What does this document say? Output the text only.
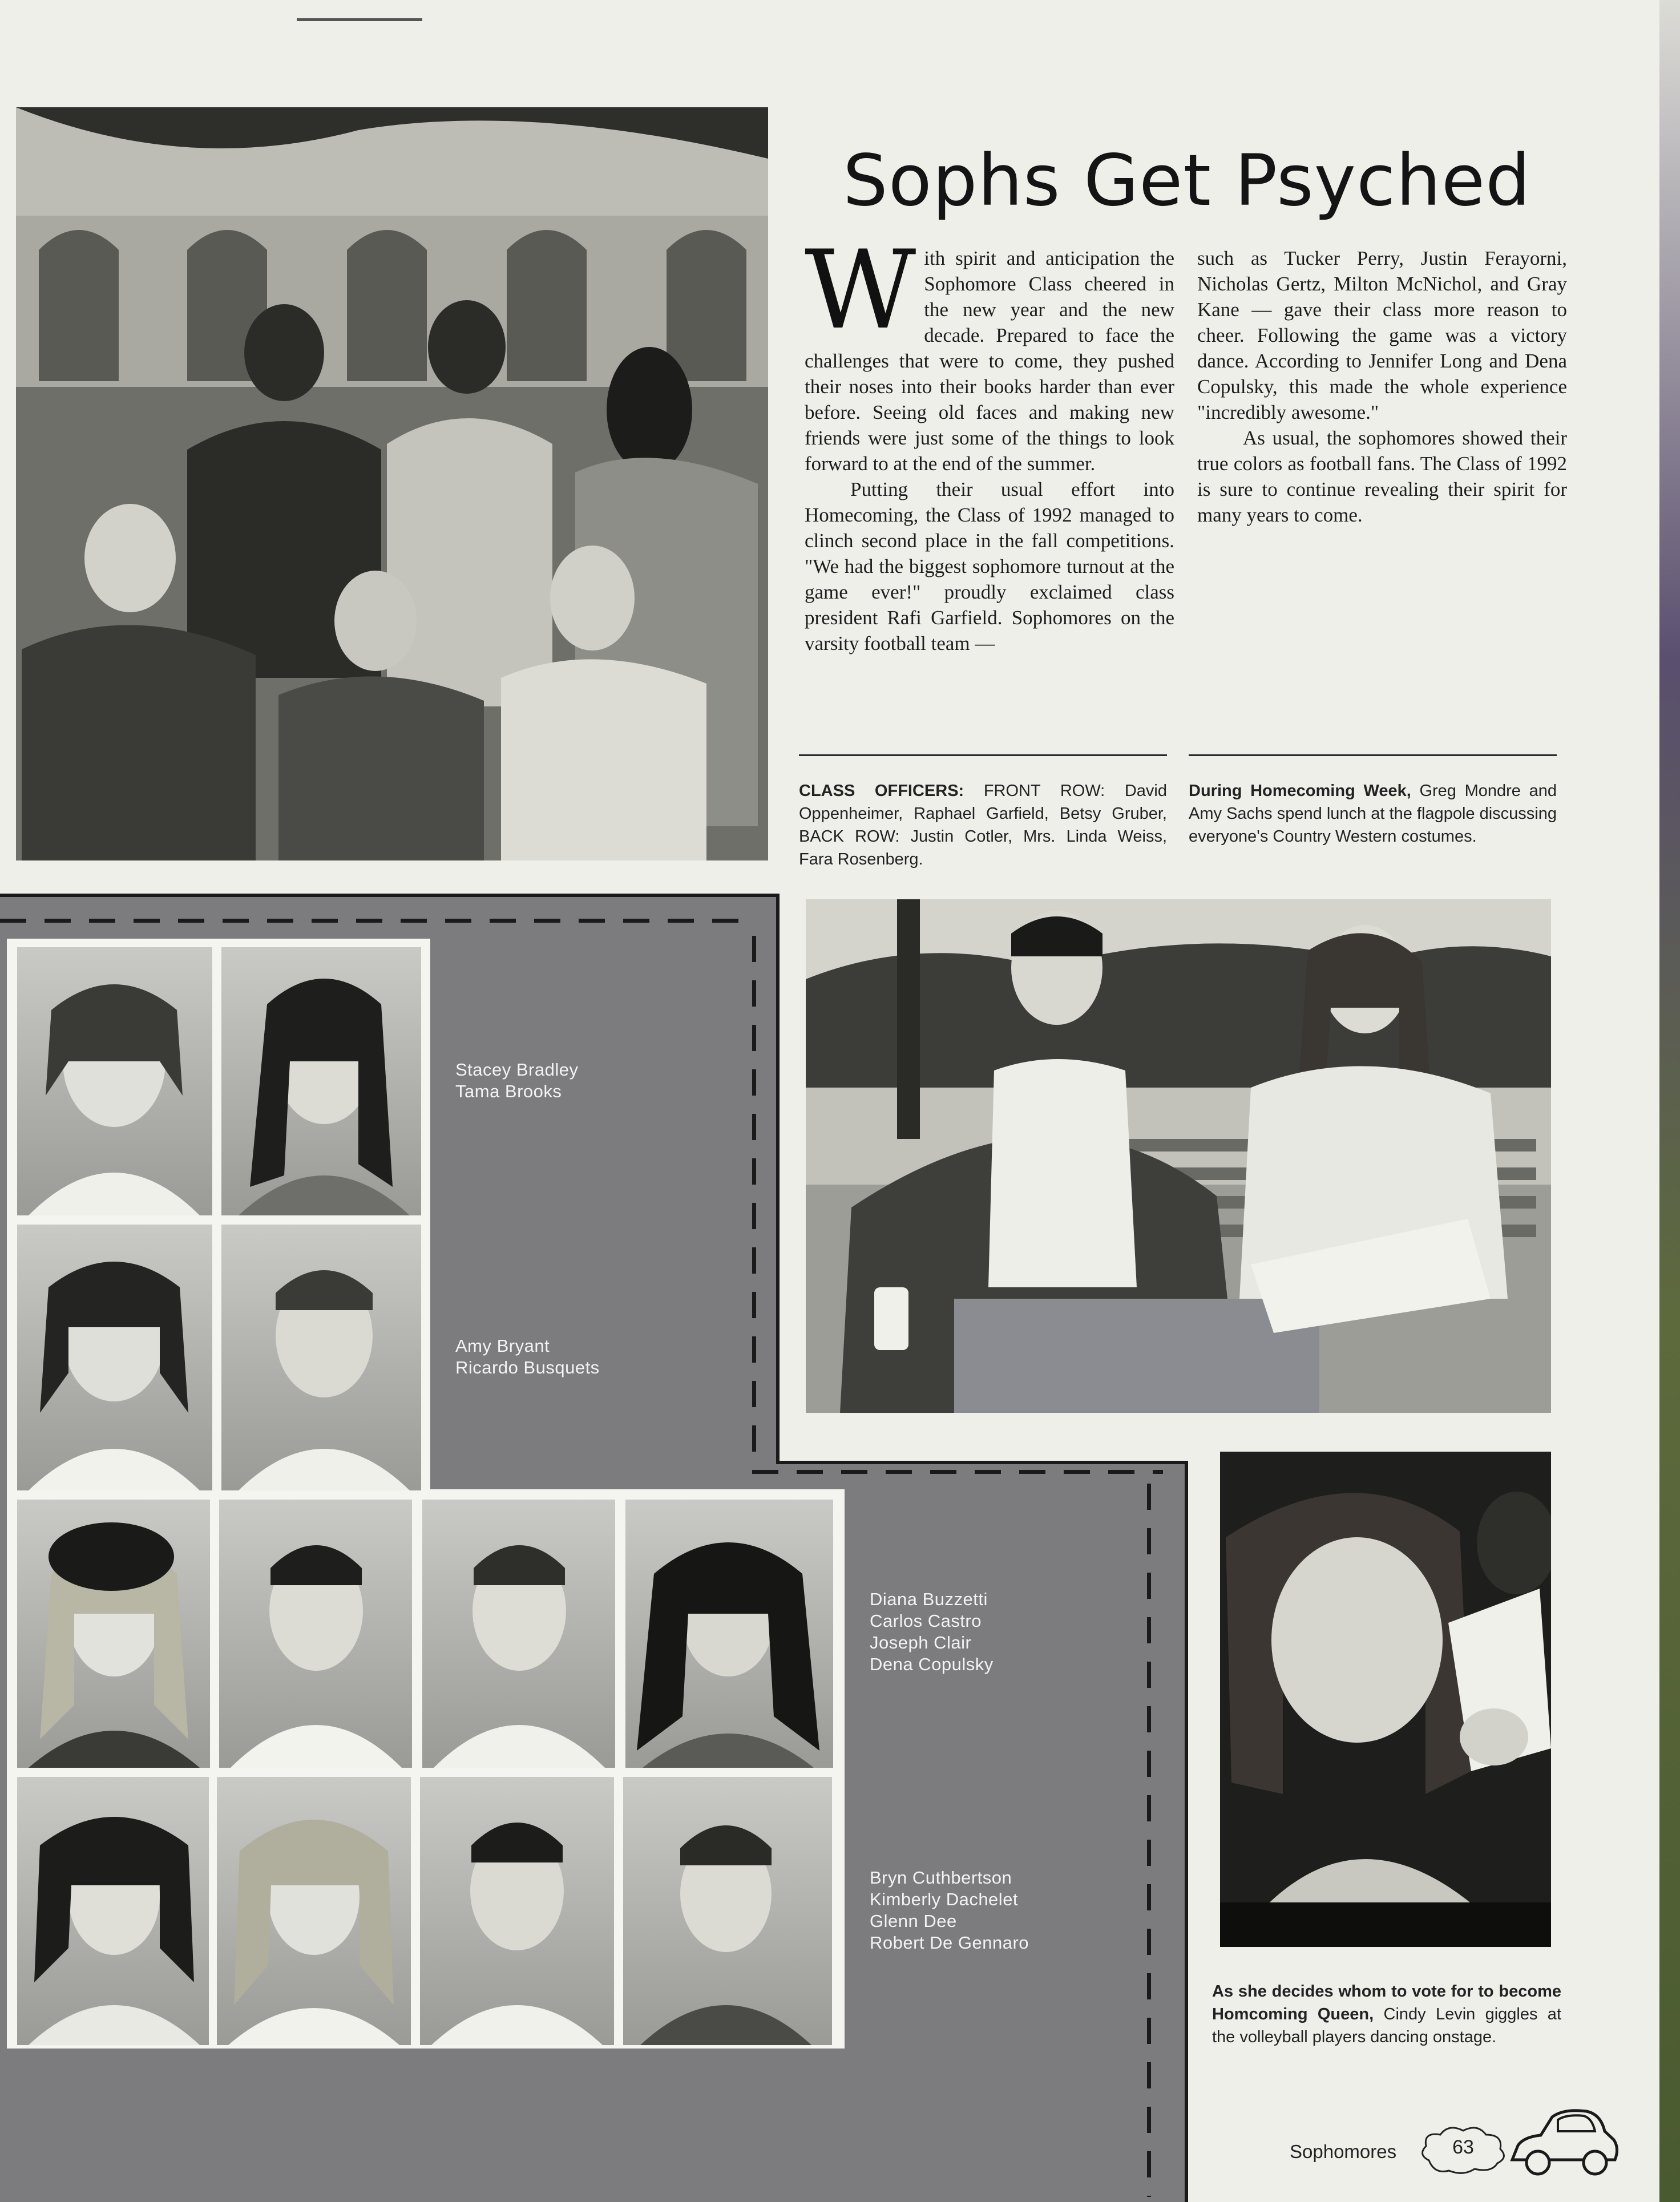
Sophs Get Psyched
W ith spirit and anticipation the Sophomore Class cheered in the new year and the new decade. Prepared to face the challenges that were to come, they pushed their noses into their books harder than ever before. Seeing old faces and making new friends were just some of the things to look forward to at the end of the summer.

Putting their usual effort into Homecoming, the Class of 1992 managed to clinch second place in the fall competitions. "We had the biggest sophomore turnout at the game ever!" proudly exclaimed class president Rafi Garfield. Sophomores on the varsity football team —

such as Tucker Perry, Justin Ferayorni, Nicholas Gertz, Milton McNichol, and Gray Kane — gave their class more reason to cheer. Following the game was a victory dance. According to Jennifer Long and Dena Copulsky, this made the whole experience "incredibly awesome."

As usual, the sophomores showed their true colors as football fans. The Class of 1992 is sure to continue revealing their spirit for many years to come.

CLASS OFFICERS: FRONT ROW: David Oppenheimer, Raphael Garfield, Betsy Gruber, BACK ROW: Justin Cotler, Mrs. Linda Weiss, Fara Rosenberg.
During Homecoming Week, Greg Mondre and Amy Sachs spend lunch at the flagpole discussing everyone's Country Western costumes.
Stacey Bradley
Tama Brooks
Amy Bryant
Ricardo Busquets
Diana Buzzetti
Carlos Castro
Joseph Clair
Dena Copulsky
Bryn Cuthbertson
Kimberly Dachelet
Glenn Dee
Robert De Gennaro
As she decides whom to vote for to become Homcoming Queen, Cindy Levin giggles at the volleyball players dancing onstage.
Sophomores	63
